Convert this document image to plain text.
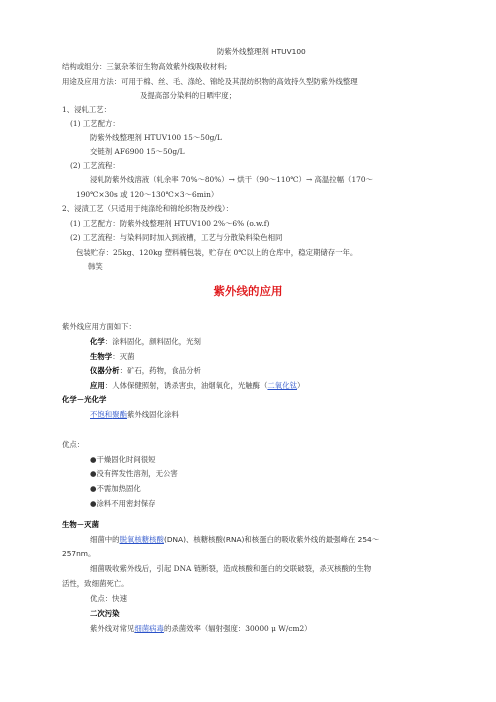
防紫外线整理剂 HTUV100
结构或组分：三氯杂苯衍生物高效紫外线吸收材料;
用途及应用方法：可用于棉、丝、毛、涤纶、锦纶及其混纺织物的高效持久型防紫外线整理
及提高部分染料的日晒牢度；
1、浸轧工艺：
(1) 工艺配方：
防紫外线整理剂 HTUV100 15～50g/L
交链剂 AF6900 15～50g/L
(2) 工艺流程：
浸轧防紫外线溶液（轧余率 70%～80%）→ 烘干（90～110℃）→ 高温拉幅（170～
190℃×30s 或 120～130℃×3～6min）
2、浸渍工艺（只适用于纯涤纶和锦纶织物及纱线）：
(1) 工艺配方：防紫外线整理剂 HTUV100 2%～6% (o.w.f)
(2) 工艺流程：与染料同时加入到液槽，工艺与分散染料染色相同
包装贮存：25kg、120kg 塑料桶包装，贮存在 0℃以上的仓库中，稳定期储存一年。
韩笑
紫外线的应用
紫外线应用方面如下：
化学：涂料固化，颜料固化，光刻
生物学：灭菌
仪器分析：矿石，药物，食品分析
应用：人体保健照射，诱杀害虫，油烟氧化，光触酶（二氧化钛）
化学－光化学
不饱和聚酯紫外线固化涂料
优点：
●干燥固化时间很短
●没有挥发性溶剂，无公害
●不需加热固化
●涂料不用密封保存
生物－灭菌
细菌中的脱氧核糖核酸(DNA)、核糖核酸(RNA)和核蛋白的吸收紫外线的最强峰在 254～
257nm。
细菌吸收紫外线后，引起 DNA 链断裂，造成核酸和蛋白的交联破裂，杀灭核酸的生物
活性，致细菌死亡。
优点：快速
二次污染
紫外线对常见细菌病毒的杀菌效率（辐射强度：30000 μ W/cm2）
